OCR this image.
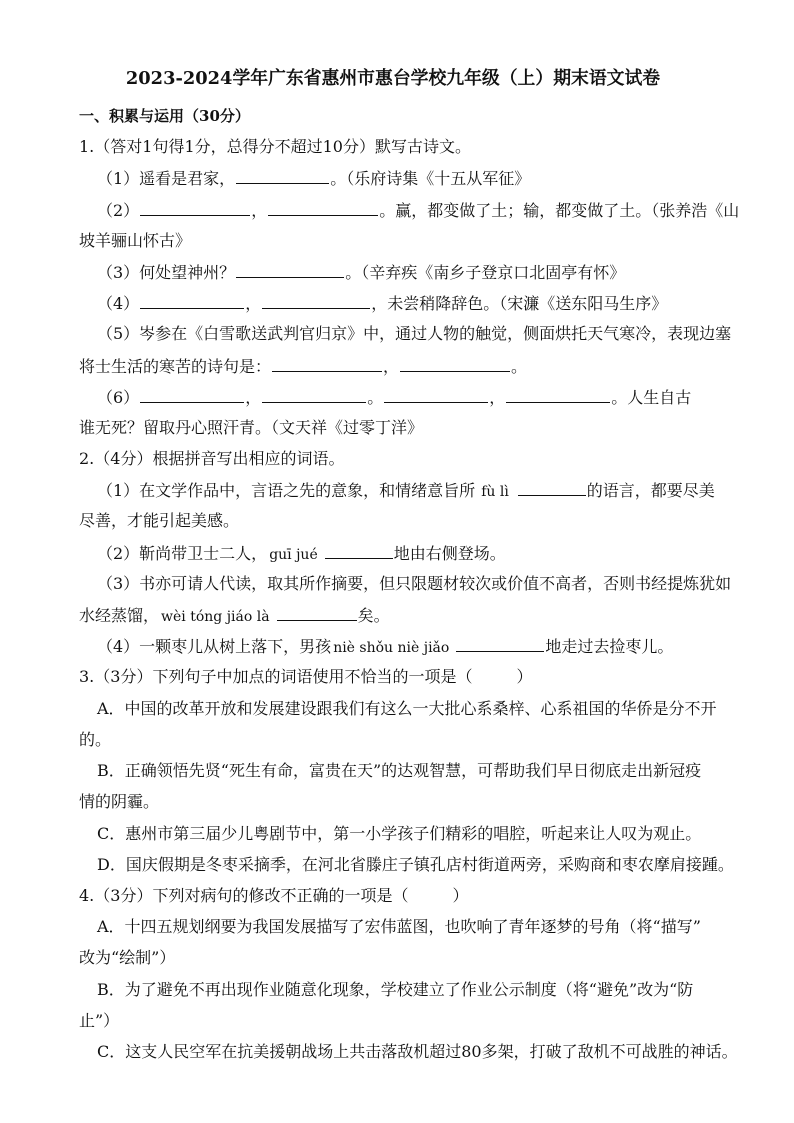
2023-2024学年广东省惠州市惠台学校九年级（上）期末语文试卷
一、积累与运用（30分）
1.（答对1句得1分，总得分不超过10分）默写古诗文。
（1）遥看是君家，	。（乐府诗集《十五从军征》
（2）	，	。赢，都变做了土；输，都变做了土。（张养浩《山
坡羊骊山怀古》
（3）何处望神州？	。（辛弃疾《南乡子登京口北固亭有怀》
（4）	，	，未尝稍降辞色。（宋濂《送东阳马生序》
（5）岑参在《白雪歌送武判官归京》中，通过人物的触觉，侧面烘托天气寒冷，表现边塞
将士生活的寒苦的诗句是：	，	。
（6）	，	。	，	。人生自古
谁无死？留取丹心照汗青。（文天祥《过零丁洋》
2.（4分）根据拼音写出相应的词语。
（1）在文学作品中，言语之先的意象，和情绪意旨所 fù lì	的语言，都要尽美
尽善，才能引起美感。
（2）靳尚带卫士二人， guī jué	地由右侧登场。
（3）书亦可请人代读，取其所作摘要，但只限题材较次或价值不高者，否则书经提炼犹如
水经蒸馏， wèi tóng jiáo là	矣。
（4）一颗枣儿从树上落下，男孩 niè shǒu niè jiǎo	地走过去捡枣儿。
3.（3分）下列句子中加点的词语使用不恰当的一项是（	）
A．中国的改革开放和发展建设跟我们有这么一大批心系桑梓、心系祖国的华侨是分不开
的。
B．正确领悟先贤“死生有命，富贵在天”的达观智慧，可帮助我们早日彻底走出新冠疫
情的阴霾。
C．惠州市第三届少儿粤剧节中，第一小学孩子们精彩的唱腔，听起来让人叹为观止。
D．国庆假期是冬枣采摘季，在河北省滕庄子镇孔店村街道两旁，采购商和枣农摩肩接踵。
4.（3分）下列对病句的修改不正确的一项是（	）
A．十四五规划纲要为我国发展描写了宏伟蓝图，也吹响了青年逐梦的号角（将“描写”
改为“绘制”）
B．为了避免不再出现作业随意化现象，学校建立了作业公示制度（将“避免”改为“防
止”）
C．这支人民空军在抗美援朝战场上共击落敌机超过80多架，打破了敌机不可战胜的神话。
